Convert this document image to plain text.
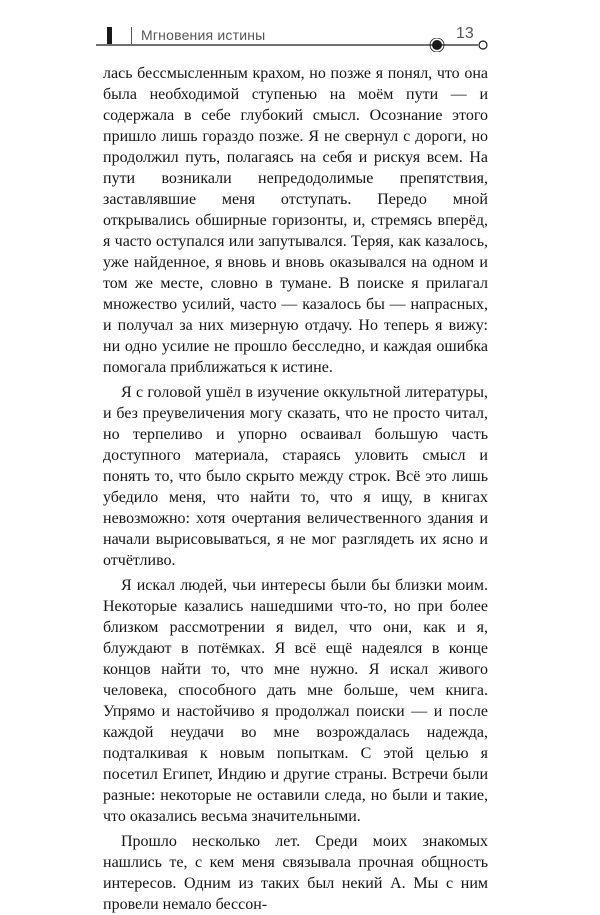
Мгновения истины	13

лась бессмысленным крахом, но позже я понял, что она была необходимой ступенью на моём пути — и содержала в себе глубокий смысл. Осознание этого пришло лишь гораздо позже. Я не свернул с дороги, но продолжил путь, полагаясь на себя и рискуя всем. На пути возникали непредодолимые препятствия, заставлявшие меня отступать. Передо мной открывались обширные горизонты, и, стремясь вперёд, я часто оступался или запутывался. Теряя, как казалось, уже найденное, я вновь и вновь оказывался на одном и том же месте, словно в тумане. В поиске я прилагал множество усилий, часто — казалось бы — напрасных, и получал за них мизерную отдачу. Но теперь я вижу: ни одно усилие не прошло бесследно, и каждая ошибка помогала приближаться к истине.

Я с головой ушёл в изучение оккультной литературы, и без преувеличения могу сказать, что не просто читал, но терпеливо и упорно осваивал большую часть доступного материала, стараясь уловить смысл и понять то, что было скрыто между строк. Всё это лишь убедило меня, что найти то, что я ищу, в книгах невозможно: хотя очертания величественного здания и начали вырисовываться, я не мог разглядеть их ясно и отчётливо.

Я искал людей, чьи интересы были бы близки моим. Некоторые казались нашедшими что-то, но при более близком рассмотрении я видел, что они, как и я, блуждают в потёмках. Я всё ещё надеялся в конце концов найти то, что мне нужно. Я искал живого человека, способного дать мне больше, чем книга. Упрямо и настойчиво я продолжал поиски — и после каждой неудачи во мне возрождалась надежда, подталкивая к новым попыткам. С этой целью я посетил Египет, Индию и другие страны. Встречи были разные: некоторые не оставили следа, но были и такие, что оказались весьма значительными.

Прошло несколько лет. Среди моих знакомых нашлись те, с кем меня связывала прочная общность интересов. Одним из таких был некий А. Мы с ним провели немало бессон-
